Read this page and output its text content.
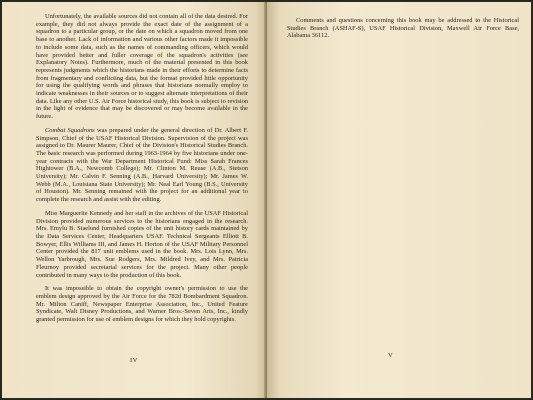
Unfortunately, the available sources did not contain all of the data desired. For example, they did not always provide the exact date of the assignment of a squadron to a particular group, or the date on which a squadron moved from one base to another. Lack of information and various other factors made it impossible to include some data, such as the names of commanding officers, which would have provided better and fuller coverage of the squadron's activities (see Explanatory Notes). Furthermore, much of the material presented in this book represents judgments which the historians made in their efforts to determine facts from fragmentary and conflicting data, but the format provided little opportunity for using the qualifying words and phrases that historians normally employ to indicate weaknesses in their sources or to suggest alternate interpretations of their data. Like any other U.S. Air Force historical study, this book is subject to revision in the light of evidence that may be discovered or may become available in the future.

Combat Squadrons was prepared under the general direction of Dr. Albert F. Simpson, Chief of the USAF Historical Division. Supervision of the project was assigned to Dr. Maurer Maurer, Chief of the Division's Historical Studies Branch. The basic research was performed during 1963-1964 by five historians under one-year contracts with the War Department Historical Fund: Miss Sarah Frances Hightower (B.A., Newcomb College); Mr. Clinton M. Reuse (A.B., Stetson University); Mr. Calvin F. Senning (A.B., Harvard University); Mr. James W. Webb (M.A., Louisiana State University); Mr. Neal Earl Young (B.S., University of Houston). Mr. Senning remained with the project for an additional year to complete the research and assist with the editing.

Miss Marguerite Kennedy and her staff in the archives of the USAF Historical Division provided numerous services to the historians engaged in the research. Mrs. Emylu B. Staelund furnished copies of the unit history cards maintained by the Data Services Center, Headquarters USAF. Technical Sergeants Elliott B. Bowyer, Ellis Williams III, and James H. Horton of the USAF Military Personnel Center provided the 817 unit emblems used in the book. Mrs. Lois Lynn, Mrs. Wellon Yarbrough, Mrs. Sue Rodgers, Mrs. Mildred Ivey, and Mrs. Patricia Fleurnoy provided secretarial services for the project. Many other people contributed in many ways to the production of this book.

It was impossible to obtain the copyright owner's permission to use the emblem design approved by the Air Force for the 782d Bombardment Squadron. Mr. Milton Caniff, Newspaper Enterprise Association, Inc., United Feature Syndicate, Walt Disney Productions, and Warner Bros.-Seven Arts, Inc., kindly granted permission for use of emblem designs for which they hold copyrights.

IV

Comments and questions concerning this book may be addressed to the Historical Studies Branch (ASHAF-S), USAF Historical Division, Maxwell Air Force Base, Alabama 36112.

V
